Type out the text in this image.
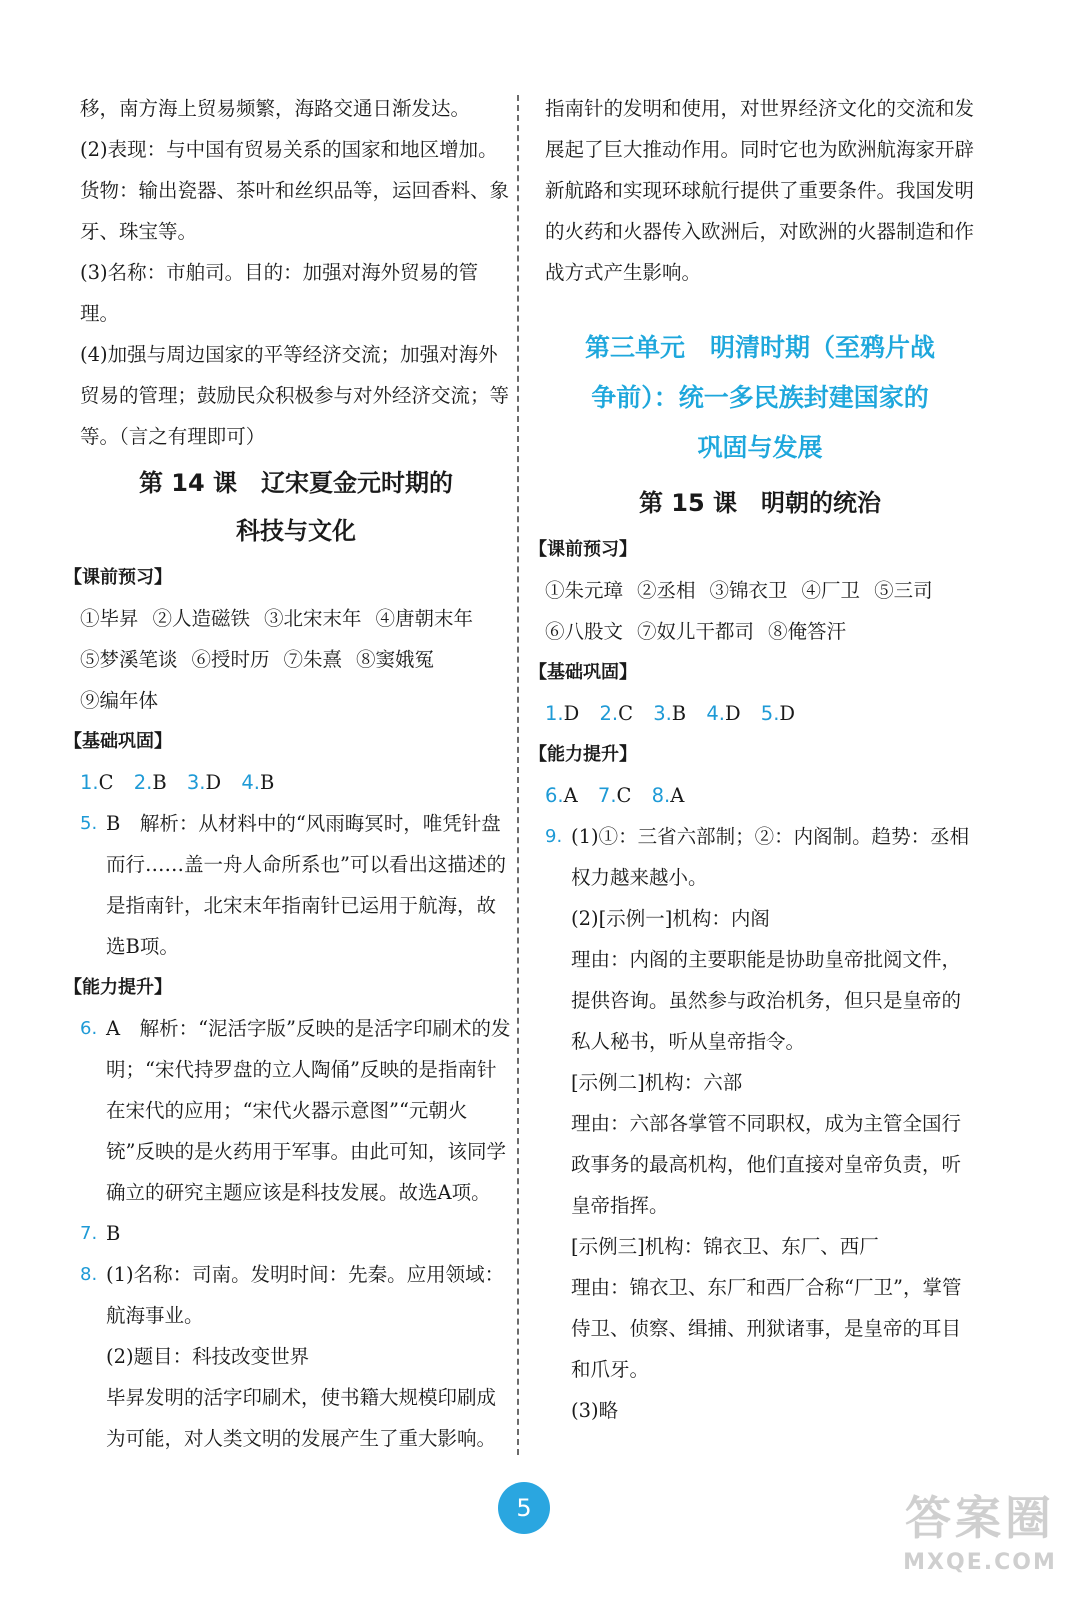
移，南方海上贸易频繁，海路交通日渐发达。

(2)表现：与中国有贸易关系的国家和地区增加。货物：输出瓷器、茶叶和丝织品等，运回香料、象牙、珠宝等。

(3)名称：市舶司。目的：加强对海外贸易的管理。

(4)加强与周边国家的平等经济交流；加强对海外贸易的管理；鼓励民众积极参与对外经济交流；等等。（言之有理即可）

第 14 课　辽宋夏金元时期的
科技与文化
【课前预习】

①毕昇 ②人造磁铁 ③北宋末年 ④唐朝末年
⑤梦溪笔谈 ⑥授时历 ⑦朱熹 ⑧窦娥冤
⑨编年体

【基础巩固】

1.C 2.B 3.D 4.B

5. B　解析：从材料中的“风雨晦冥时，唯凭针盘而行……盖一舟人命所系也”可以看出这描述的是指南针，北宋末年指南针已运用于航海，故选B项。

【能力提升】
6. A　解析：“泥活字版”反映的是活字印刷术的发明；“宋代持罗盘的立人陶俑”反映的是指南针在宋代的应用；“宋代火器示意图”“元朝火铳”反映的是火药用于军事。由此可知，该同学确立的研究主题应该是科技发展。故选A项。

7. B

8. (1)名称：司南。发明时间：先秦。应用领域：航海事业。

(2)题目：科技改变世界

毕昇发明的活字印刷术，使书籍大规模印刷成为可能，对人类文明的发展产生了重大影响。

指南针的发明和使用，对世界经济文化的交流和发展起了巨大推动作用。同时它也为欧洲航海家开辟新航路和实现环球航行提供了重要条件。我国发明的火药和火器传入欧洲后，对欧洲的火器制造和作战方式产生影响。

第三单元　明清时期（至鸦片战
争前）：统一多民族封建国家的
巩固与发展
第 15 课　明朝的统治
【课前预习】

①朱元璋 ②丞相 ③锦衣卫 ④厂卫 ⑤三司
⑥八股文 ⑦奴儿干都司 ⑧俺答汗

【基础巩固】

1.D 2.C 3.B 4.D 5.D

【能力提升】

6.A 7.C 8.A

9. (1)①：三省六部制；②：内阁制。趋势：丞相权力越来越小。

(2)[示例一]机构：内阁

理由：内阁的主要职能是协助皇帝批阅文件，提供咨询。虽然参与政治机务，但只是皇帝的私人秘书，听从皇帝指令。

[示例二]机构：六部

理由：六部各掌管不同职权，成为主管全国行政事务的最高机构，他们直接对皇帝负责，听皇帝指挥。

[示例三]机构：锦衣卫、东厂、西厂

理由：锦衣卫、东厂和西厂合称“厂卫”，掌管侍卫、侦察、缉捕、刑狱诸事，是皇帝的耳目和爪牙。

(3)略

5	答案圈
MXQE.COM
